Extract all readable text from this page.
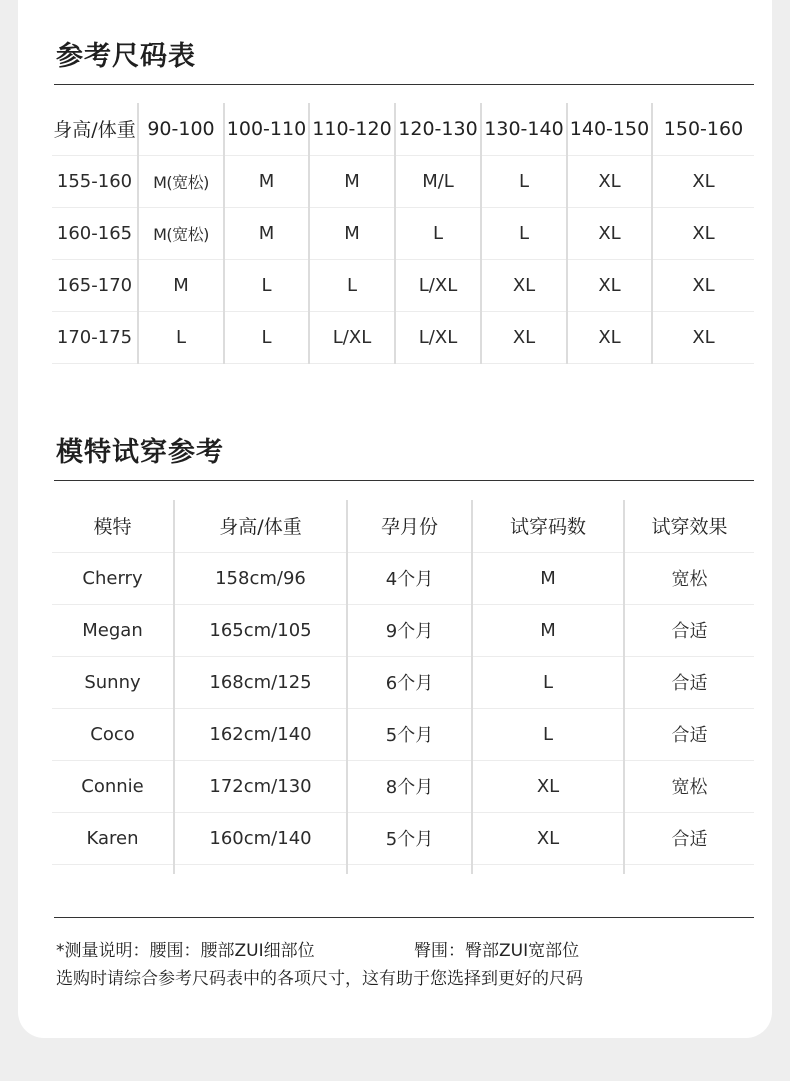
参考尺码表
身高/体重	90-100	100-110	110-120	120-130	130-140	140-150	150-160
155-160	M(宽松)	M	M	M/L	L	XL	XL
160-165	M(宽松)	M	M	L	L	XL	XL
165-170	M	L	L	L/XL	XL	XL	XL
170-175	L	L	L/XL	L/XL	XL	XL	XL
模特试穿参考
模特	身高/体重	孕月份	试穿码数	试穿效果
Cherry	158cm/96	4个月	M	宽松
Megan	165cm/105	9个月	M	合适
Sunny	168cm/125	6个月	L	合适
Coco	162cm/140	5个月	L	合适
Connie	172cm/130	8个月	XL	宽松
Karen	160cm/140	5个月	XL	合适

*测量说明：腰围：腰部ZUI细部位	臀围：臀部ZUI宽部位
选购时请综合参考尺码表中的各项尺寸，这有助于您选择到更好的尺码
